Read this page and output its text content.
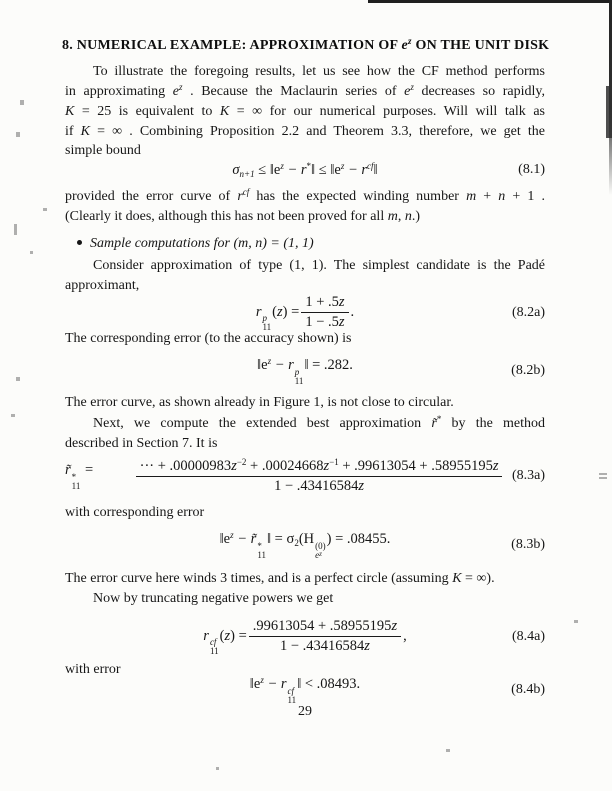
8. NUMERICAL EXAMPLE: APPROXIMATION OF $e^z$ ON THE UNIT DISK
To illustrate the foregoing results, let us see how the CF method performs
in approximating $e^z$ . Because the Maclaurin series of $e^z$ decreases so rapidly,
K = 25 is equivalent to K = ∞ for our numerical purposes. Will will talk as
if K = ∞ . Combining Proposition 2.2 and Theorem 3.3, therefore, we get the
simple bound
$\sigma_{n+1}$ ≤ $‖e^z$ − r*‖ ≤ $‖e^z$ − $r^{cf}‖$	(8.1)
provided the error curve of $r^{cf}$ has the expected winding number m + n + 1 .
(Clearly it does, although this has not been proved for all m, n.)
Sample computations for (m, n) = (1, 1)
Consider approximation of type (1, 1). The simplest candidate is the Padé
approximant,
r p
11
$(z) = \frac{1 + .5z}{1 - .5z}$ .	(8.2a)
The corresponding error (to the accuracy shown) is
$‖e^z - r$ p
11
‖ = .282.	(8.2b)
The error curve, as shown already in Figure 1, is not close to circular.
Next, we compute the extended best approximation r̃* by the method
described in Section 7. It is
r̃ *
11
=	$\frac{\cdot\cdot\cdot + .00000983z^{-2} + .00024668z^{-1} + .99613054 + .58955195z}{1 - .43416584z} (8.3a)$
with corresponding error
$‖e^z$ − r̃ *
11
‖ = $\sigma_2(H$ (0)
$e^z$
) = .08455.	(8.3b)
The error curve here winds 3 times, and is a perfect circle (assuming K = ∞).
Now by truncating negative powers we get
r cf
11
$(z) = \frac{.99613054 + .58955195z}{1 - .43416584z}$ ,	(8.4a)
with error
$‖e^z - r$ cf
11
‖ < .08493.	(8.4b)
29
